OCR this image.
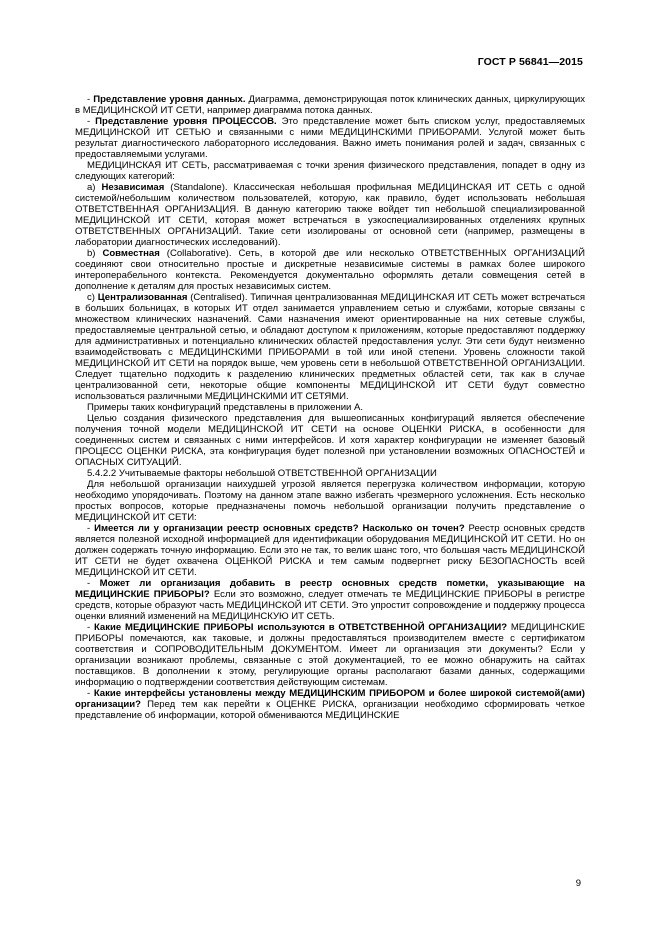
ГОСТ Р 56841—2015

- Представление уровня данных. Диаграмма, демонстрирующая поток клинических данных, циркулирующих в МЕДИЦИНСКОЙ ИТ СЕТИ, например диаграмма потока данных.

- Представление уровня ПРОЦЕССОВ. Это представление может быть списком услуг, предоставляемых МЕДИЦИНСКОЙ ИТ СЕТЬЮ и связанными с ними МЕДИЦИНСКИМИ ПРИБОРАМИ. Услугой может быть результат диагностического лабораторного исследования. Важно иметь понимания ролей и задач, связанных с предоставляемыми услугами.

МЕДИЦИНСКАЯ ИТ СЕТЬ, рассматриваемая с точки зрения физического представления, попадет в одну из следующих категорий:

a) Независимая (Standalone). Классическая небольшая профильная МЕДИЦИНСКАЯ ИТ СЕТЬ с одной системой/небольшим количеством пользователей, которую, как правило, будет использовать небольшая ОТВЕТСТВЕННАЯ ОРГАНИЗАЦИЯ. В данную категорию также войдет тип небольшой специализированной МЕДИЦИНСКОЙ ИТ СЕТИ, которая может встречаться в узкоспециализированных отделениях крупных ОТВЕТСТВЕННЫХ ОРГАНИЗАЦИЙ. Такие сети изолированы от основной сети (например, размещены в лаборатории диагностических исследований).

b) Совместная (Collaborative). Сеть, в которой две или несколько ОТВЕТСТВЕННЫХ ОРГАНИЗАЦИЙ соединяют свои относительно простые и дискретные независимые системы в рамках более широкого интероперабельного контекста. Рекомендуется документально оформлять детали совмещения сетей в дополнение к деталям для простых независимых систем.

c) Централизованная (Centralised). Типичная централизованная МЕДИЦИНСКАЯ ИТ СЕТЬ может встречаться в больших больницах, в которых ИТ отдел занимается управлением сетью и службами, которые связаны с множеством клинических назначений. Сами назначения имеют ориентированные на них сетевые службы, предоставляемые центральной сетью, и обладают доступом к приложениям, которые предоставляют поддержку для административных и потенциально клинических областей предоставления услуг. Эти сети будут неизменно взаимодействовать с МЕДИЦИНСКИМИ ПРИБОРАМИ в той или иной степени. Уровень сложности такой МЕДИЦИНСКОЙ ИТ СЕТИ на порядок выше, чем уровень сети в небольшой ОТВЕТСТВЕННОЙ ОРГАНИЗАЦИИ. Следует тщательно подходить к разделению клинических предметных областей сети, так как в случае централизованной сети, некоторые общие компоненты МЕДИЦИНСКОЙ ИТ СЕТИ будут совместно использоваться различными МЕДИЦИНСКИМИ ИТ СЕТЯМИ.

Примеры таких конфигураций представлены в приложении А.

Целью создания физического представления для вышеописанных конфигураций является обеспечение получения точной модели МЕДИЦИНСКОЙ ИТ СЕТИ на основе ОЦЕНКИ РИСКА, в особенности для соединенных систем и связанных с ними интерфейсов. И хотя характер конфигурации не изменяет базовый ПРОЦЕСС ОЦЕНКИ РИСКА, эта конфигурация будет полезной при установлении возможных ОПАСНОСТЕЙ и ОПАСНЫХ СИТУАЦИЙ.

5.4.2.2 Учитываемые факторы небольшой ОТВЕТСТВЕННОЙ ОРГАНИЗАЦИИ

Для небольшой организации наихудшей угрозой является перегрузка количеством информации, которую необходимо упорядочивать. Поэтому на данном этапе важно избегать чрезмерного усложнения. Есть несколько простых вопросов, которые предназначены помочь небольшой организации получить представление о МЕДИЦИНСКОЙ ИТ СЕТИ:

- Имеется ли у организации реестр основных средств? Насколько он точен? Реестр основных средств является полезной исходной информацией для идентификации оборудования МЕДИЦИНСКОЙ ИТ СЕТИ. Но он должен содержать точную информацию. Если это не так, то велик шанс того, что большая часть МЕДИЦИНСКОЙ ИТ СЕТИ не будет охвачена ОЦЕНКОЙ РИСКА и тем самым подвергнет риску БЕЗОПАСНОСТЬ всей МЕДИЦИНСКОЙ ИТ СЕТИ.

- Может ли организация добавить в реестр основных средств пометки, указывающие на МЕДИЦИНСКИЕ ПРИБОРЫ? Если это возможно, следует отмечать те МЕДИЦИНСКИЕ ПРИБОРЫ в регистре средств, которые образуют часть МЕДИЦИНСКОЙ ИТ СЕТИ. Это упростит сопровождение и поддержку процесса оценки влияний изменений на МЕДИЦИНСКУЮ ИТ СЕТЬ.

- Какие МЕДИЦИНСКИЕ ПРИБОРЫ используются в ОТВЕТСТВЕННОЙ ОРГАНИЗАЦИИ? МЕДИЦИНСКИЕ ПРИБОРЫ помечаются, как таковые, и должны предоставляться производителем вместе с сертификатом соответствия и СОПРОВОДИТЕЛЬНЫМ ДОКУМЕНТОМ. Имеет ли организация эти документы? Если у организации возникают проблемы, связанные с этой документацией, то ее можно обнаружить на сайтах поставщиков. В дополнении к этому, регулирующие органы располагают базами данных, содержащими информацию о подтверждении соответствия действующим системам.

- Какие интерфейсы установлены между МЕДИЦИНСКИМ ПРИБОРОМ и более широкой системой(ами) организации? Перед тем как перейти к ОЦЕНКЕ РИСКА, организации необходимо сформировать четкое представление об информации, которой обмениваются МЕДИЦИНСКИЕ

9
